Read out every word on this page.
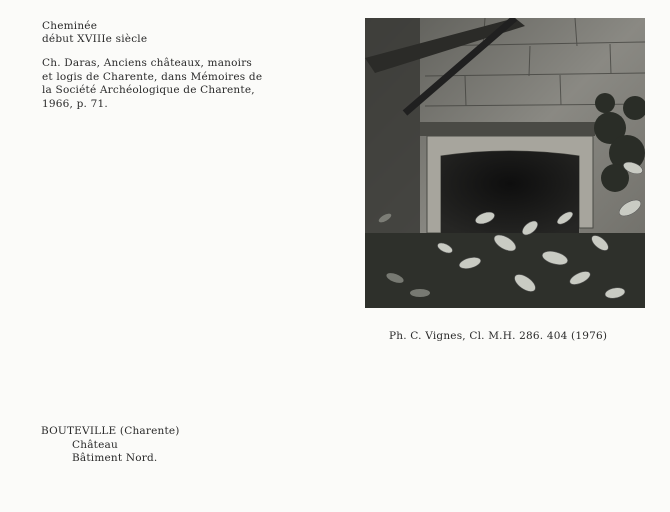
Cheminée
début XVIIIe siècle
Ch. Daras, Anciens châteaux, manoirs
et logis de Charente, dans Mémoires de
la Société Archéologique de Charente,
1966, p. 71.
Ph. C. Vignes, Cl. M.H. 286. 404 (1976)
BOUTEVILLE (Charente)
Château
Bâtiment Nord.
